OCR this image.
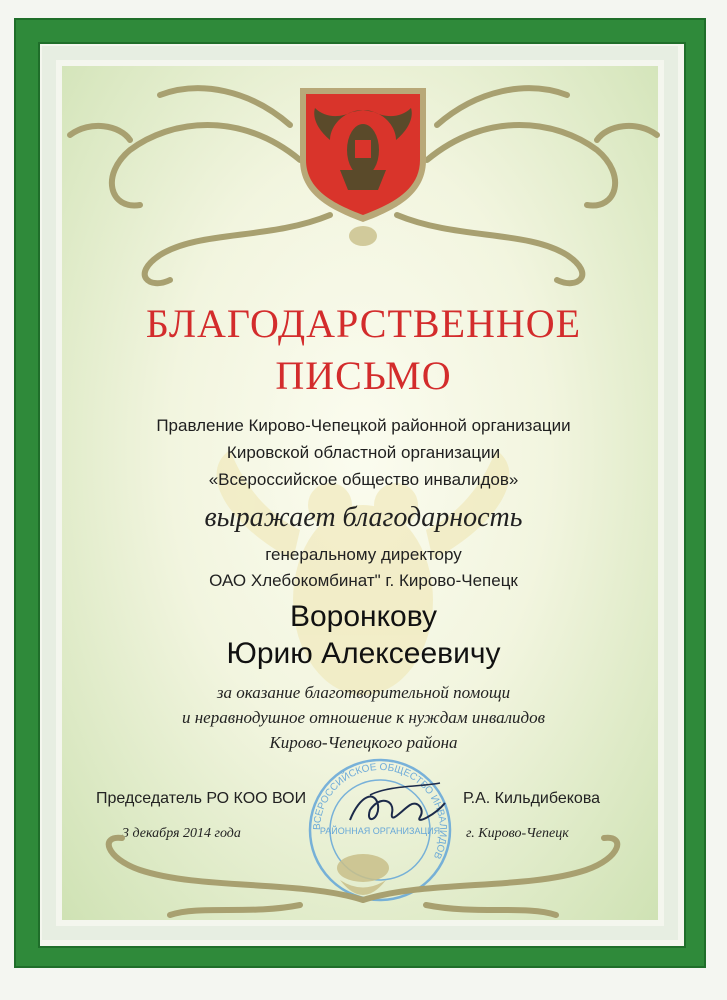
БЛАГОДАРСТВЕННОЕ
ПИСЬМО
Правление Кирово-Чепецкой районной организации
Кировской областной организации
«Всероссийское общество инвалидов»
выражает благодарность
генеральному директору
ОАО Хлебокомбинат" г. Кирово-Чепецк
Воронкову
Юрию Алексеевичу
за оказание благотворительной помощи
и неравнодушное отношение к нуждам инвалидов
Кирово-Чепецкого района
ВСЕРОССИЙСКОЕ ОБЩЕСТВО ИНВАЛИДОВ
РАЙОННАЯ ОРГАНИЗАЦИЯ
Председатель РО КОО ВОИ	Р.А. Кильдибекова
3 декабря 2014 года	г. Кирово-Чепецк
